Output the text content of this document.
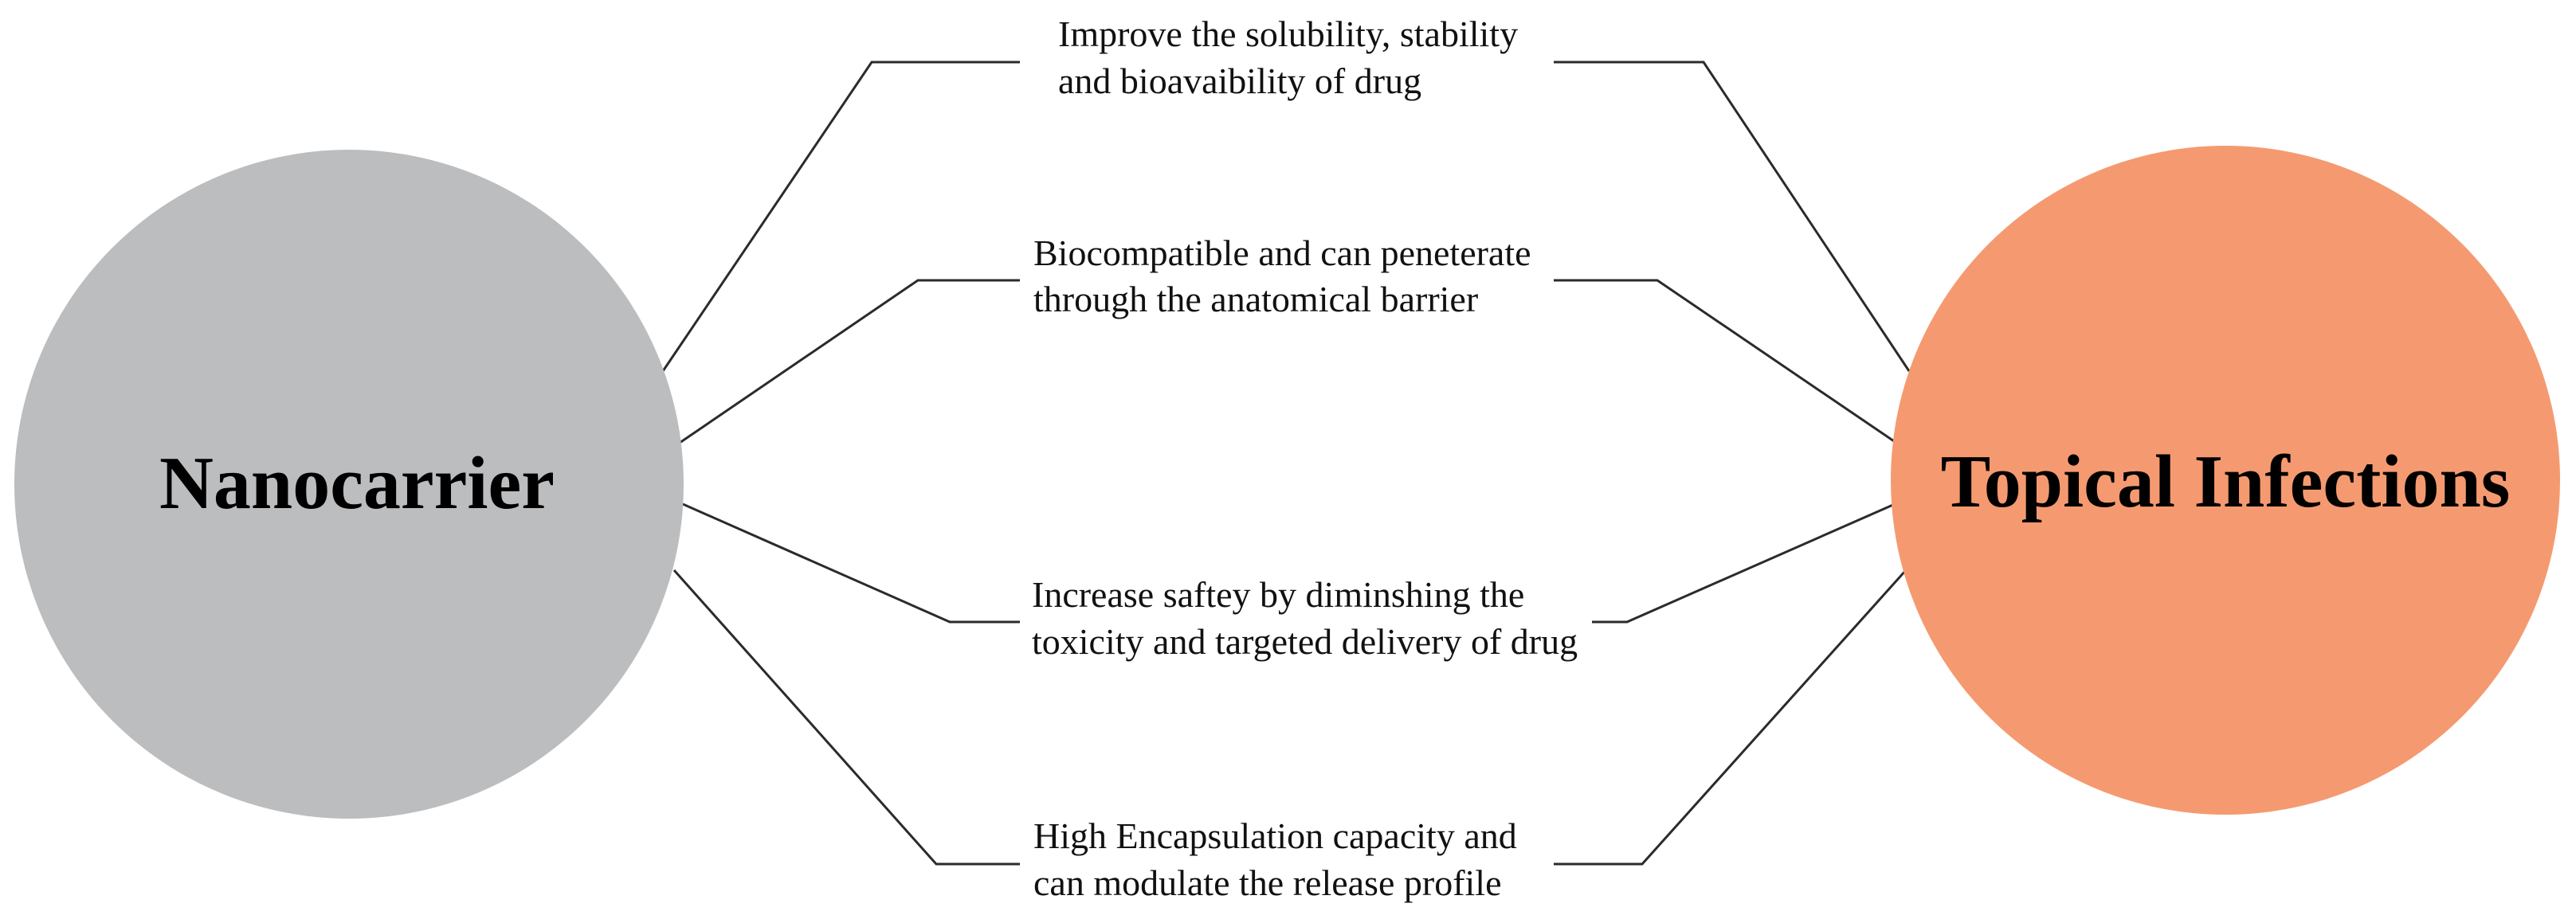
Nanocarrier	Topical Infections
Improve the solubility, stability
and bioavaibility of drug
Biocompatible and can peneterate
through the anatomical barrier
Increase saftey by diminshing the
toxicity and targeted delivery of drug
High Encapsulation capacity and
can modulate the release profile
